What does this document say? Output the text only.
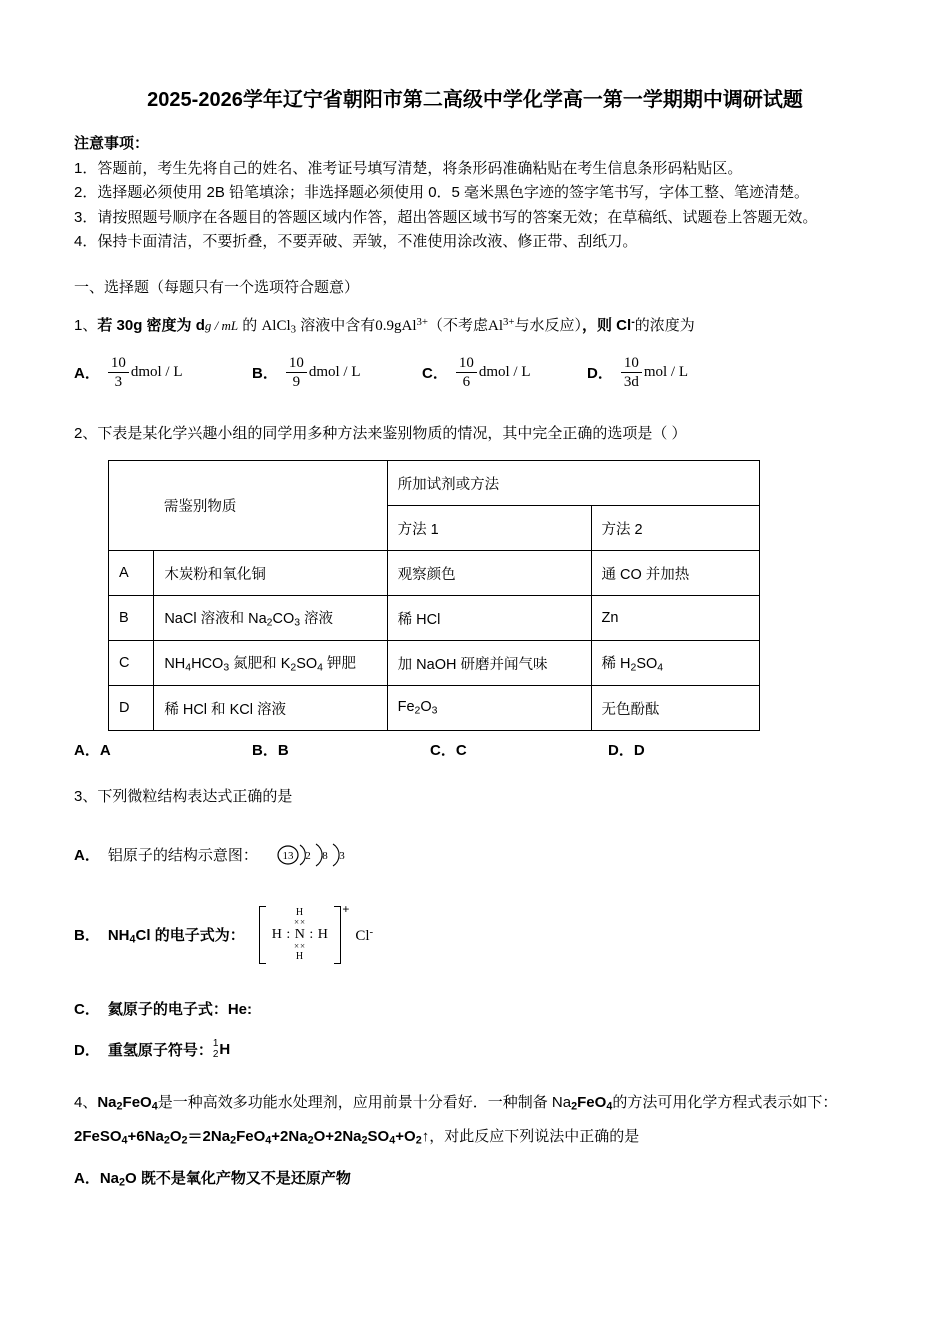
2025-2026学年辽宁省朝阳市第二高级中学化学高一第一学期期中调研试题
注意事项：
1．答题前，考生先将自己的姓名、准考证号填写清楚，将条形码准确粘贴在考生信息条形码粘贴区。
2．选择题必须使用 2B 铅笔填涂；非选择题必须使用 0．5 毫米黑色字迹的签字笔书写，字体工整、笔迹清楚。
3．请按照题号顺序在各题目的答题区域内作答，超出答题区域书写的答案无效；在草稿纸、试题卷上答题无效。
4．保持卡面清洁，不要折叠，不要弄破、弄皱，不准使用涂改液、修正带、刮纸刀。
一、选择题（每题只有一个选项符合题意）
1、若 30g 密度为 dg / mL 的 AlCl$_3$ 溶液中含有0.9gAl$^{3+}$（不考虑$Al^{3+}$与水反应），则 Cl-的浓度为
A． $\frac{10}{3}$ dmol / L	B． $\frac{10}{9}$ dmol / L	C． $\frac{10}{6}$ dmol / L	D． $\frac{10}{3d}$ mol / L
2、下表是某化学兴趣小组的同学用多种方法来鉴别物质的情况，其中完全正确的选项是（ ）
	需鉴别物质	所加试剂或方法	
		方法 1	方法 2
A	木炭粉和氧化铜	观察颜色	通 CO 并加热
B	NaCl 溶液和 $Na_2CO_3$ 溶液	稀 HCl	Zn
C	$NH_4HCO_3$ 氮肥和 $K_2SO_4$ 钾肥	加 NaOH 研磨并闻气味	稀 $H_2SO_4$
D	稀 HCl 和 KCl 溶液	$Fe_2O_3$	无色酚酞
A．A	B．B	C．C	D．D
3、下列微粒结构表达式正确的是
A． 铝原子的结构示意图： 13 2 8 3
B． $NH_4Cl$ 的电子式为：
H
××
H : N : H
××
H
+
Cl-
C． 氦原子的电子式：He:
D． 重氢原子符号： 1
2 H
4、$Na_2FeO_4$是一种高效多功能水处理剂，应用前景十分看好．一种制备 $Na_2FeO_4$的方法可用化学方程式表示如下：
$2FeSO_4+6Na_2O_2=2Na_2FeO_4+2Na_2O+2Na_2SO_4+O_2↑$，对此反应下列说法中正确的是
A．$Na_2O$ 既不是氧化产物又不是还原产物
